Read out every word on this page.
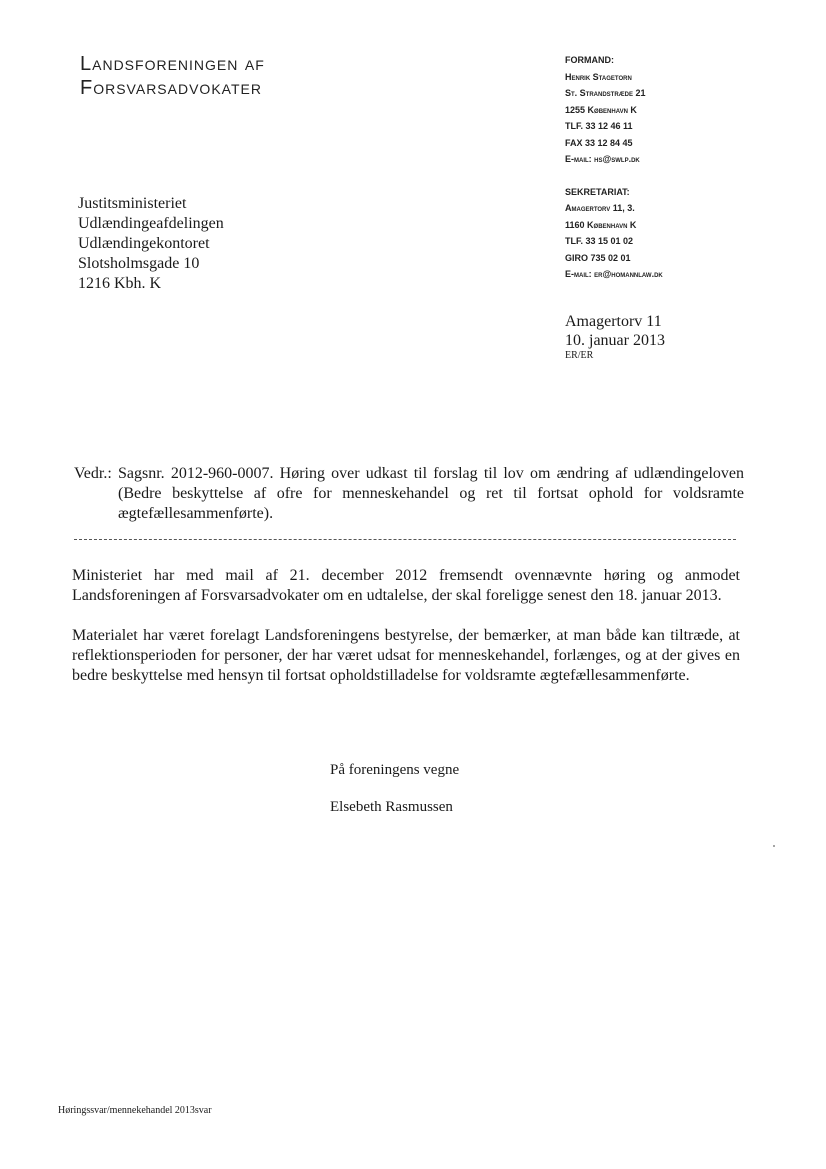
Landsforeningen af
Forsvarsadvokater
FORMAND:
Henrik Stagetorn
St. Strandstræde 21
1255 København K
TLF. 33 12 46 11
FAX 33 12 84 45
E-mail: hs@swlp.dk
SEKRETARIAT:
Amagertorv 11, 3.
1160 København K
TLF. 33 15 01 02
GIRO 735 02 01
E-mail: er@homannlaw.dk
Justitsministeriet
Udlændingeafdelingen
Udlændingekontoret
Slotsholmsgade 10
1216 Kbh. K
Amagertorv 11
10. januar 2013
ER/ER
Vedr.: Sagsnr. 2012-960-0007. Høring over udkast til forslag til lov om ændring af udlændingeloven (Bedre beskyttelse af ofre for menneskehandel og ret til fortsat ophold for voldsramte ægtefællesammenførte).
Ministeriet har med mail af 21. december 2012 fremsendt ovennævnte høring og anmodet Landsforeningen af Forsvarsadvokater om en udtalelse, der skal foreligge senest den 18. januar 2013.
Materialet har været forelagt Landsforeningens bestyrelse, der bemærker, at man både kan tiltræde, at reflektionsperioden for personer, der har været udsat for menneskehandel, forlænges, og at der gives en bedre beskyttelse med hensyn til fortsat opholdstilladelse for voldsramte ægtefællesammenførte.
På foreningens vegne
Elsebeth Rasmussen
Høringssvar/mennekehandel 2013svar
